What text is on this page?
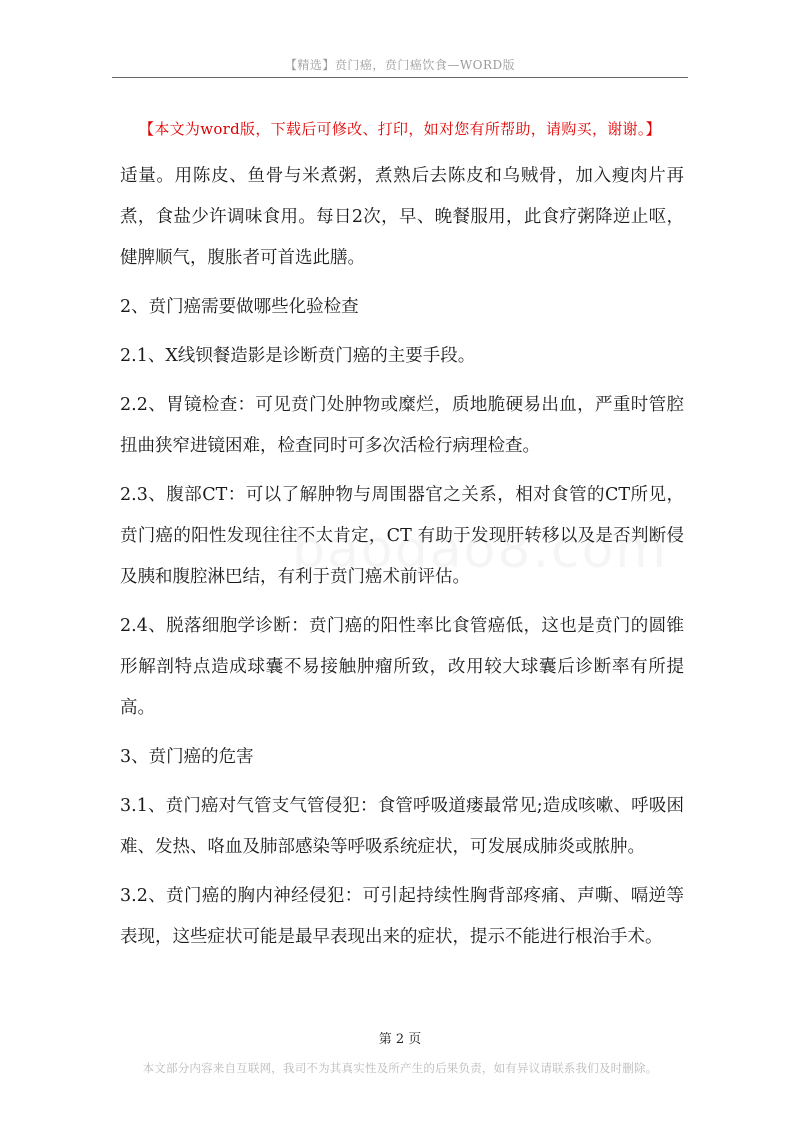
【精选】贲门癌，贲门癌饮食—WORD版
【本文为word版，下载后可修改、打印，如对您有所帮助，请购买，谢谢。】

适量。用陈皮、鱼骨与米煮粥，煮熟后去陈皮和乌贼骨，加入瘦肉片再煮，食盐少许调味食用。每日2次，早、晚餐服用，此食疗粥降逆止呕，健脾顺气，腹胀者可首选此膳。

2、贲门癌需要做哪些化验检查

2.1、X线钡餐造影是诊断贲门癌的主要手段。

2.2、胃镜检查：可见贲门处肿物或糜烂，质地脆硬易出血，严重时管腔扭曲狭窄进镜困难，检查同时可多次活检行病理检查。

2.3、腹部CT：可以了解肿物与周围器官之关系，相对食管的CT所见，贲门癌的阳性发现往往不太肯定，CT 有助于发现肝转移以及是否判断侵及胰和腹腔淋巴结，有利于贲门癌术前评估。

2.4、脱落细胞学诊断：贲门癌的阳性率比食管癌低，这也是贲门的圆锥形解剖特点造成球囊不易接触肿瘤所致，改用较大球囊后诊断率有所提高。

3、贲门癌的危害

3.1、贲门癌对气管支气管侵犯：食管呼吸道瘘最常见;造成咳嗽、呼吸困难、发热、咯血及肺部感染等呼吸系统症状，可发展成肺炎或脓肿。

3.2、贲门癌的胸内神经侵犯：可引起持续性胸背部疼痛、声嘶、嗝逆等表现，这些症状可能是最早表现出来的症状，提示不能进行根治手术。

第 2 页
本文部分内容来自互联网，我司不为其真实性及所产生的后果负责，如有异议请联系我们及时删除。
